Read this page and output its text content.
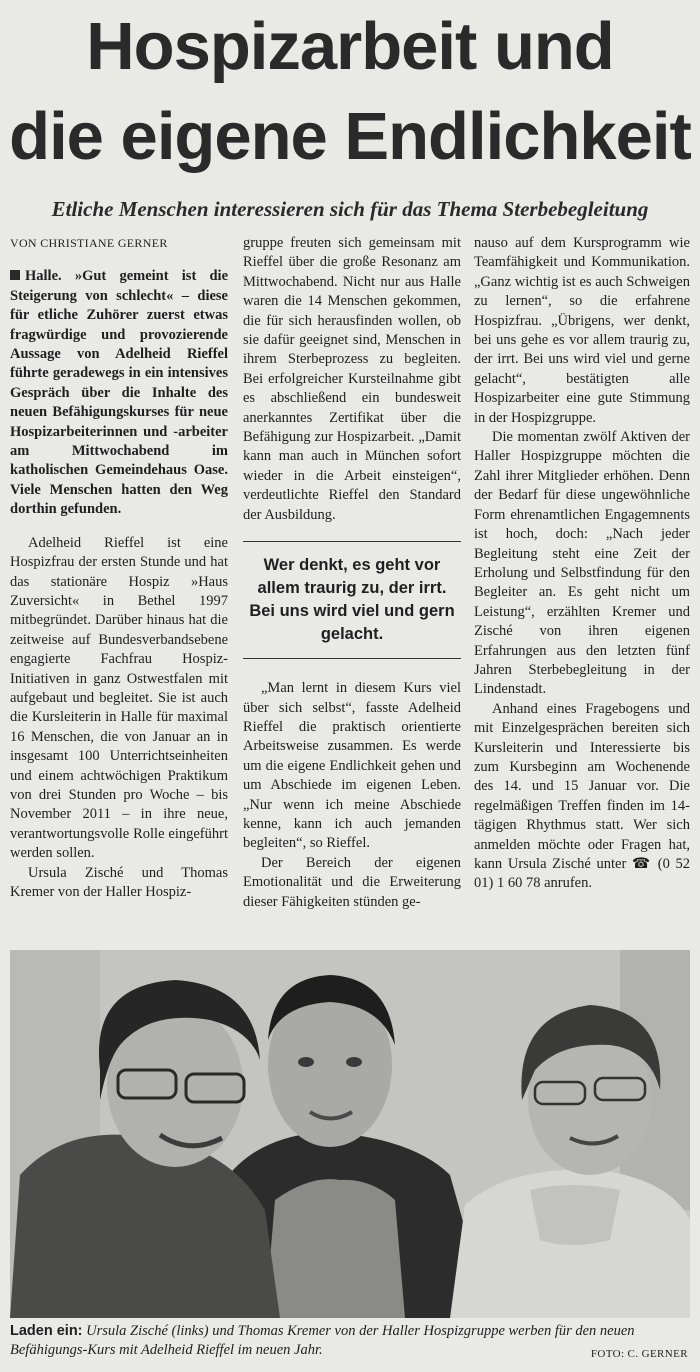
Hospizarbeit und
die eigene Endlichkeit
Etliche Menschen interessieren sich für das Thema Sterbebegleitung
VON CHRISTIANE GERNER

Halle. »Gut gemeint ist die Steigerung von schlecht« – diese für etliche Zuhörer zuerst etwas fragwürdige und provozierende Aussage von Adelheid Rieffel führte geradewegs in ein intensives Gespräch über die Inhalte des neuen Befähigungskurses für neue Hospizarbeiterinnen und -arbeiter am Mittwochabend im katholischen Gemeindehaus Oase. Viele Menschen hatten den Weg dorthin gefunden.

Adelheid Rieffel ist eine Hospizfrau der ersten Stunde und hat das stationäre Hospiz »Haus Zuversicht« in Bethel 1997 mitbegründet. Darüber hinaus hat die zeitweise auf Bundesverbandsebene engagierte Fachfrau Hospiz-Initiativen in ganz Ostwestfalen mit aufgebaut und begleitet. Sie ist auch die Kursleiterin in Halle für maximal 16 Menschen, die von Januar an in insgesamt 100 Unterrichtseinheiten und einem achtwöchigen Praktikum von drei Stunden pro Woche – bis November 2011 – in ihre neue, verantwortungsvolle Rolle eingeführt werden sollen.

Ursula Zisché und Thomas Kremer von der Haller Hospiz-

gruppe freuten sich gemeinsam mit Rieffel über die große Resonanz am Mittwochabend. Nicht nur aus Halle waren die 14 Menschen gekommen, die für sich herausfinden wollen, ob sie dafür geeignet sind, Menschen in ihrem Sterbeprozess zu begleiten. Bei erfolgreicher Kursteilnahme gibt es abschließend ein bundesweit anerkanntes Zertifikat über die Befähigung zur Hospizarbeit. „Damit kann man auch in München sofort wieder in die Arbeit einsteigen“, verdeutlichte Rieffel den Standard der Ausbildung.

Wer denkt, es geht vor allem traurig zu, der irrt. Bei uns wird viel und gern gelacht.

„Man lernt in diesem Kurs viel über sich selbst“, fasste Adelheid Rieffel die praktisch orientierte Arbeitsweise zusammen. Es werde um die eigene Endlichkeit gehen und um Abschiede im eigenen Leben. „Nur wenn ich meine Abschiede kenne, kann ich auch jemanden begleiten“, so Rieffel.

Der Bereich der eigenen Emotionalität und die Erweiterung dieser Fähigkeiten stünden ge-

nauso auf dem Kursprogramm wie Teamfähigkeit und Kommunikation. „Ganz wichtig ist es auch Schweigen zu lernen“, so die erfahrene Hospizfrau. „Übrigens, wer denkt, bei uns gehe es vor allem traurig zu, der irrt. Bei uns wird viel und gerne gelacht“, bestätigten alle Hospizarbeiter eine gute Stimmung in der Hospizgruppe.

Die momentan zwölf Aktiven der Haller Hospizgruppe möchten die Zahl ihrer Mitglieder erhöhen. Denn der Bedarf für diese ungewöhnliche Form ehrenamtlichen Engagemnents ist hoch, doch: „Nach jeder Begleitung steht eine Zeit der Erholung und Selbstfindung für den Begleiter an. Es geht nicht um Leistung“, erzählten Kremer und Zisché von ihren eigenen Erfahrungen aus den letzten fünf Jahren Sterbebegleitung in der Lindenstadt.

Anhand eines Fragebogens und mit Einzelgesprächen bereiten sich Kursleiterin und Interessierte bis zum Kursbeginn am Wochenende des 14. und 15 Januar vor. Die regelmäßigen Treffen finden im 14-tägigen Rhythmus statt. Wer sich anmelden möchte oder Fragen hat, kann Ursula Zisché unter ☎ (0 52 01) 1 60 78 anrufen.

Laden ein: Ursula Zisché (links) und Thomas Kremer von der Haller Hospizgruppe werben für den neuen Befähigungs-Kurs mit Adelheid Rieffel im neuen Jahr.	FOTO: C. GERNER
